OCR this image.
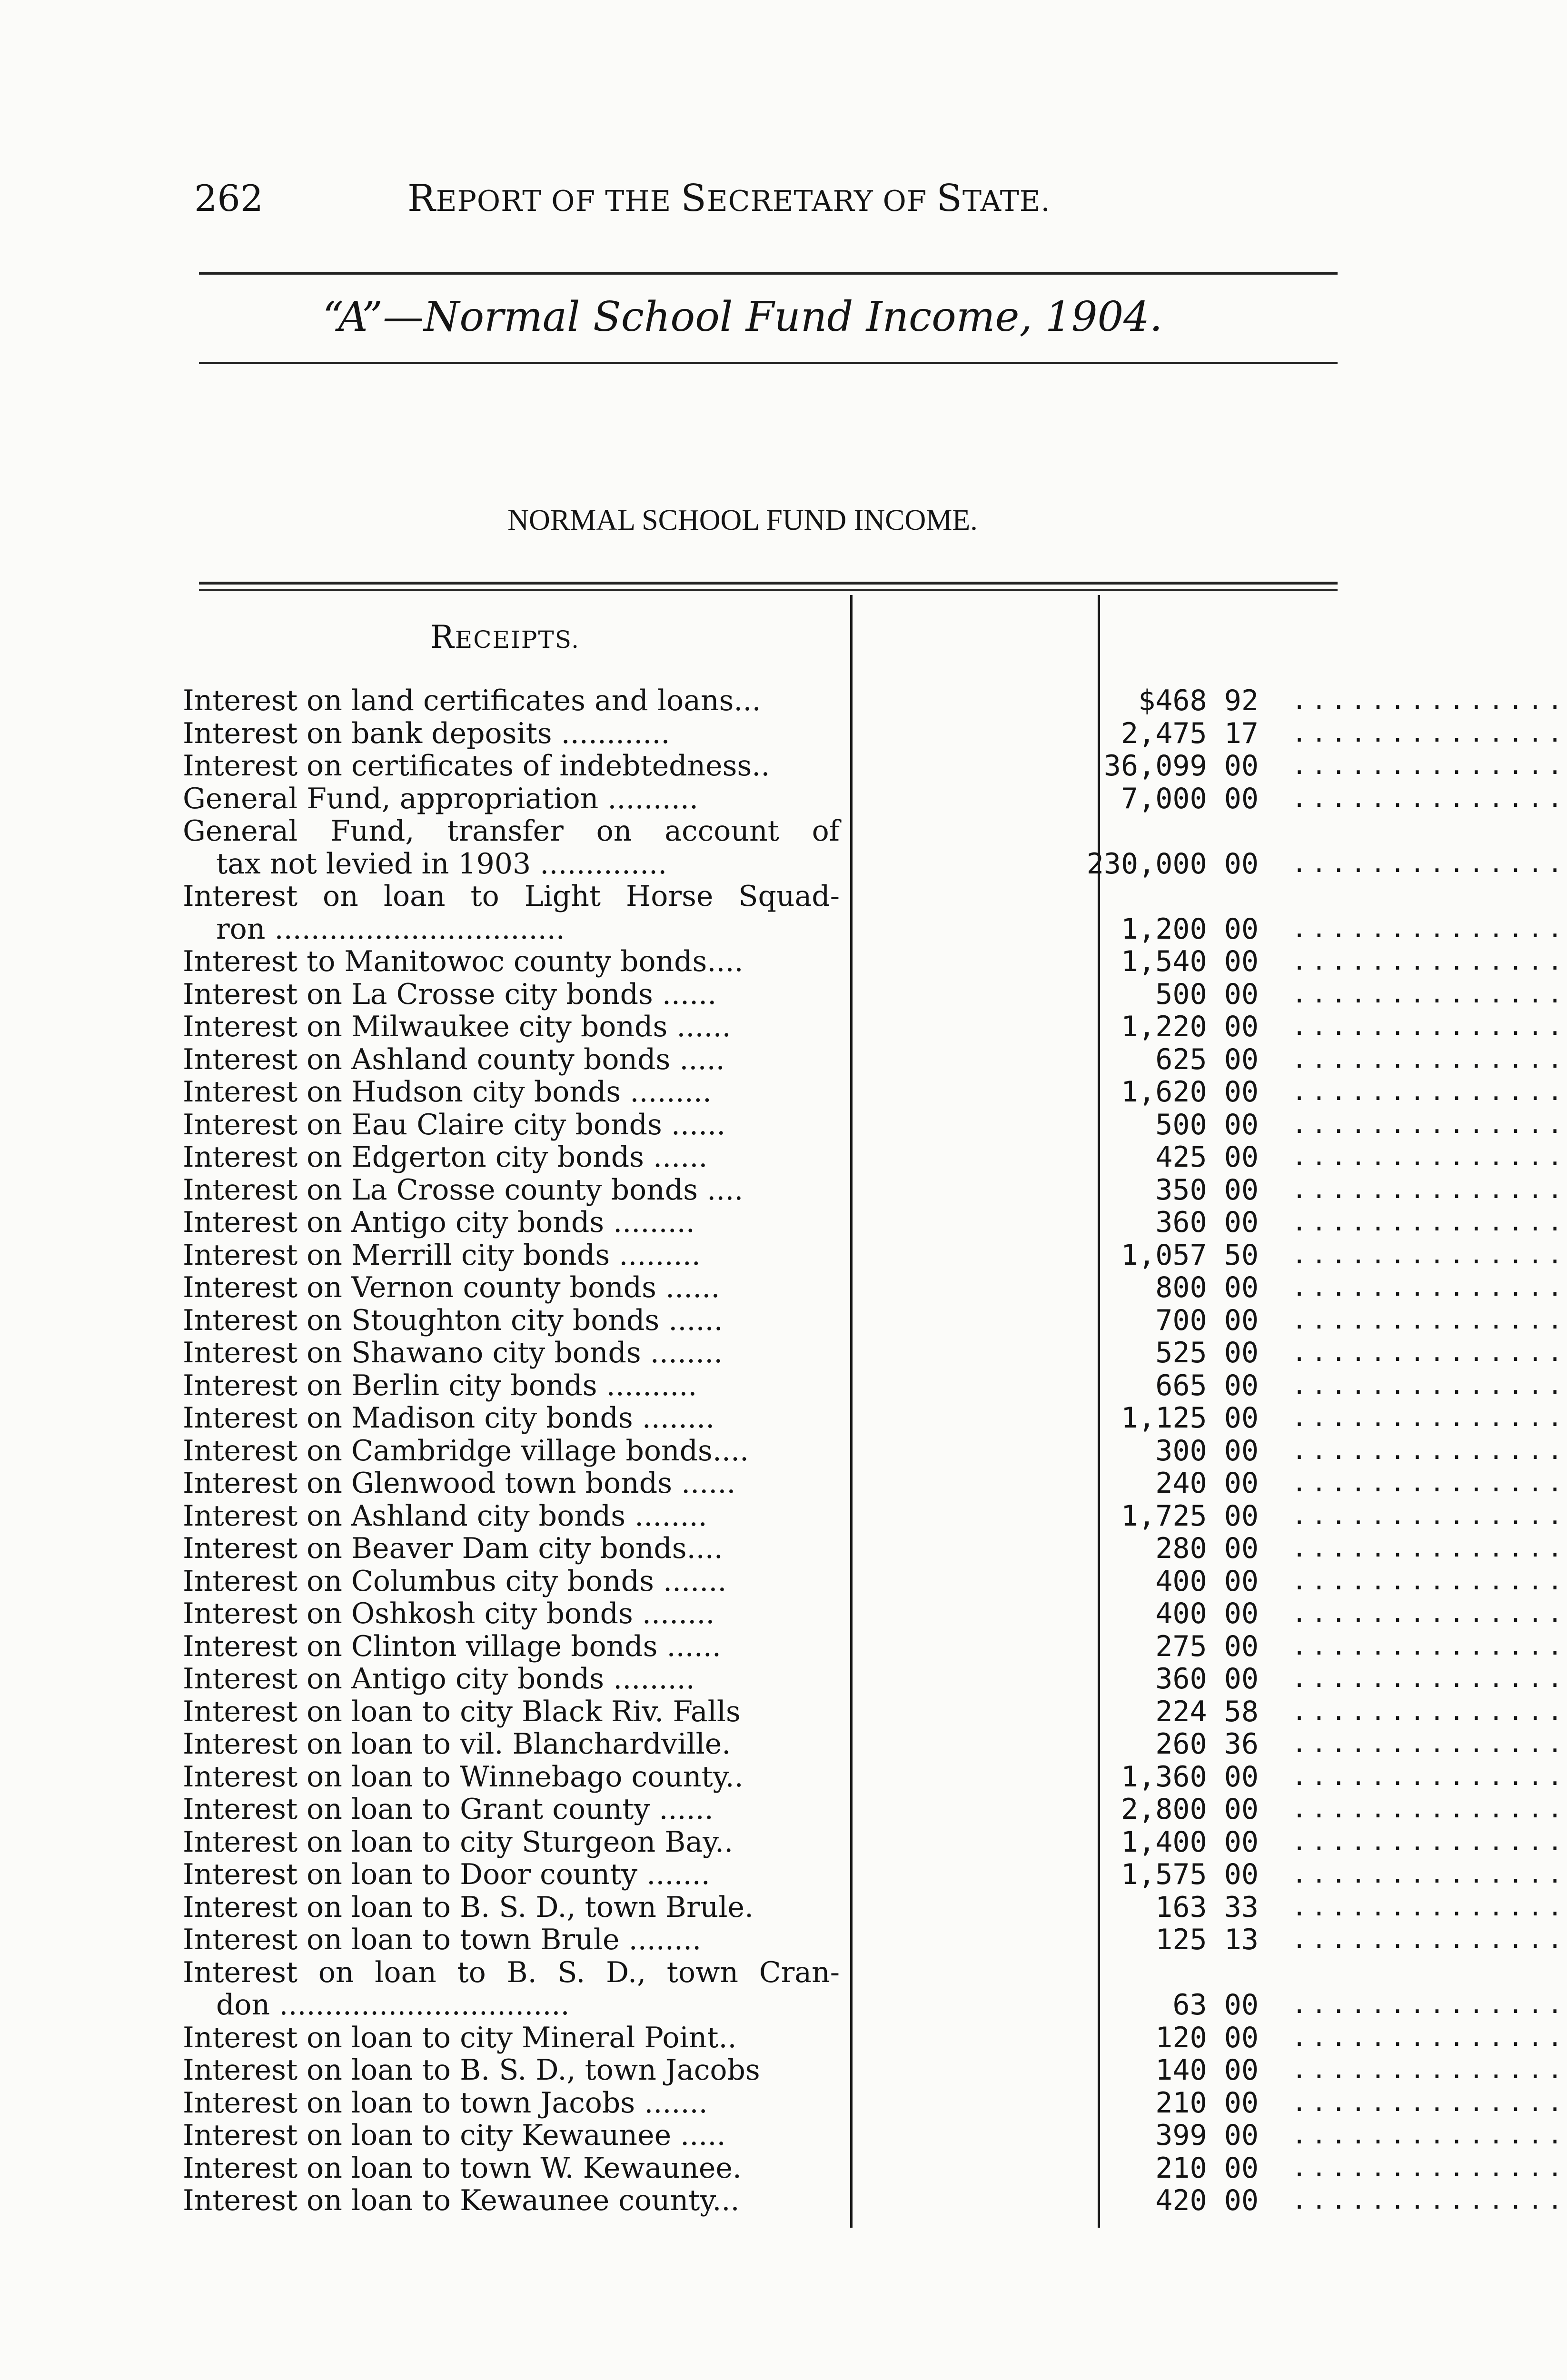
262	REPORT OF THE SECRETARY OF STATE.
“A”—Normal School Fund Income, 1904.
NORMAL SCHOOL FUND INCOME.
RECEIPTS.
Interest on land certificates and loans...	$468 92 ..............
Interest on bank deposits ............	2,475 17 ..............
Interest on certificates of indebtedness..	36,099 00 ..............
General Fund, appropriation ..........	7,000 00 ..............
General Fund, transfer on account of
tax not levied in 1903 ..............	230,000 00 ..............
Interest on loan to Light Horse Squad-
ron ................................	1,200 00 ..............
Interest to Manitowoc county bonds....	1,540 00 ..............
Interest on La Crosse city bonds ......	500 00 ..............
Interest on Milwaukee city bonds ......	1,220 00 ..............
Interest on Ashland county bonds .....	625 00 ..............
Interest on Hudson city bonds .........	1,620 00 ..............
Interest on Eau Claire city bonds ......	500 00 ..............
Interest on Edgerton city bonds ......	425 00 ..............
Interest on La Crosse county bonds ....	350 00 ..............
Interest on Antigo city bonds .........	360 00 ..............
Interest on Merrill city bonds .........	1,057 50 ..............
Interest on Vernon county bonds ......	800 00 ..............
Interest on Stoughton city bonds ......	700 00 ..............
Interest on Shawano city bonds ........	525 00 ..............
Interest on Berlin city bonds ..........	665 00 ..............
Interest on Madison city bonds ........	1,125 00 ..............
Interest on Cambridge village bonds....	300 00 ..............
Interest on Glenwood town bonds ......	240 00 ..............
Interest on Ashland city bonds ........	1,725 00 ..............
Interest on Beaver Dam city bonds....	280 00 ..............
Interest on Columbus city bonds .......	400 00 ..............
Interest on Oshkosh city bonds ........	400 00 ..............
Interest on Clinton village bonds ......	275 00 ..............
Interest on Antigo city bonds .........	360 00 ..............
Interest on loan to city Black Riv. Falls	224 58 ..............
Interest on loan to vil. Blanchardville.	260 36 ..............
Interest on loan to Winnebago county..	1,360 00 ..............
Interest on loan to Grant county ......	2,800 00 ..............
Interest on loan to city Sturgeon Bay..	1,400 00 ..............
Interest on loan to Door county .......	1,575 00 ..............
Interest on loan to B. S. D., town Brule.	163 33 ..............
Interest on loan to town Brule ........	125 13 ..............
Interest on loan to B. S. D., town Cran-
don ................................	63 00 ..............
Interest on loan to city Mineral Point..	120 00 ..............
Interest on loan to B. S. D., town Jacobs	140 00 ..............
Interest on loan to town Jacobs .......	210 00 ..............
Interest on loan to city Kewaunee .....	399 00 ..............
Interest on loan to town W. Kewaunee.	210 00 ..............
Interest on loan to Kewaunee county...	420 00 ..............
